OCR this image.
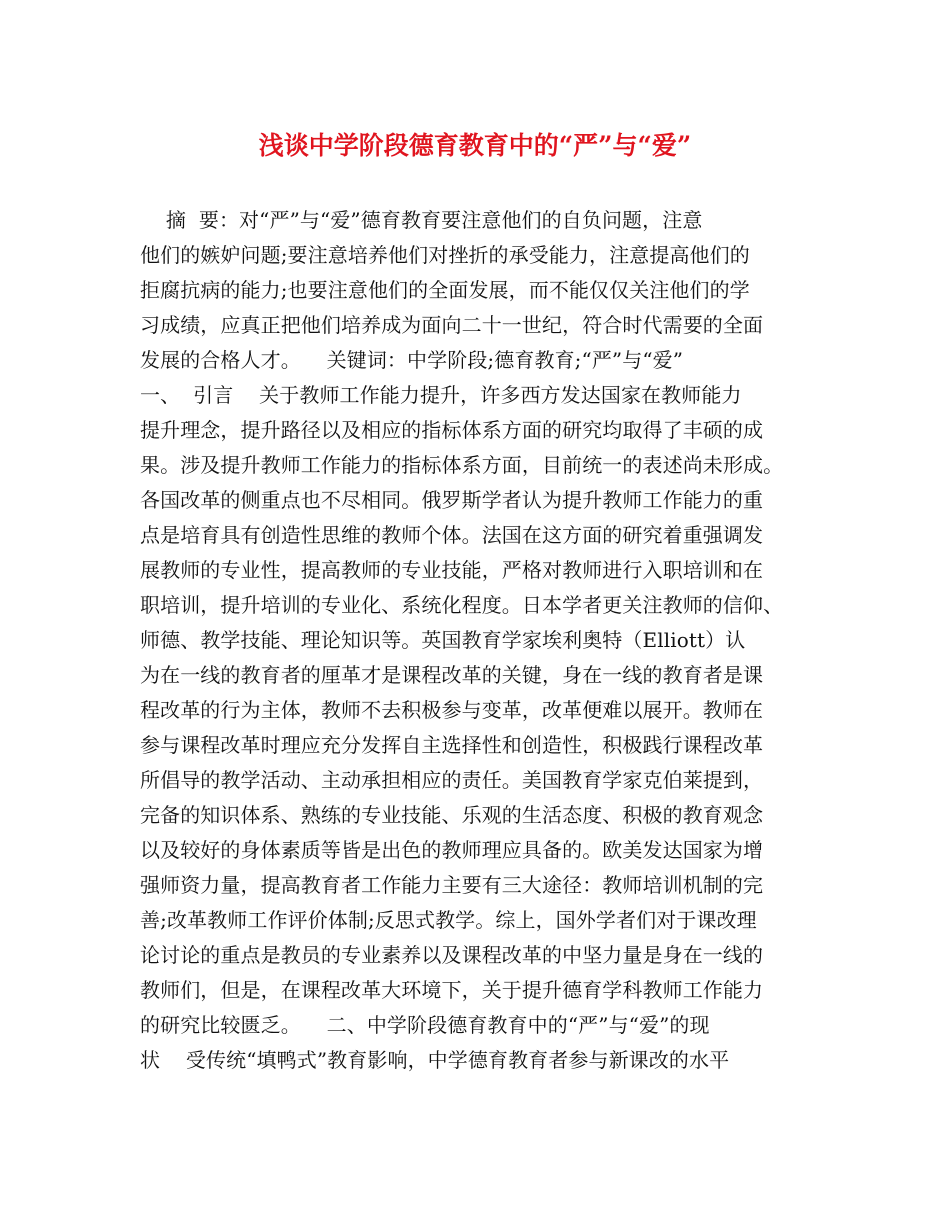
浅谈中学阶段德育教育中的“严”与“爱”
摘  要：对“严”与“爱”德育教育要注意他们的自负问题，注意
他们的嫉妒问题;要注意培养他们对挫折的承受能力，注意提高他们的
拒腐抗病的能力;也要注意他们的全面发展，而不能仅仅关注他们的学
习成绩，应真正把他们培养成为面向二十一世纪，符合时代需要的全面
发展的合格人才。    关键词：中学阶段;德育教育;“严”与“爱”
一、  引言    关于教师工作能力提升，许多西方发达国家在教师能力
提升理念，提升路径以及相应的指标体系方面的研究均取得了丰硕的成
果。涉及提升教师工作能力的指标体系方面，目前统一的表述尚未形成。
各国改革的侧重点也不尽相同。俄罗斯学者认为提升教师工作能力的重
点是培育具有创造性思维的教师个体。法国在这方面的研究着重强调发
展教师的专业性，提高教师的专业技能，严格对教师进行入职培训和在
职培训，提升培训的专业化、系统化程度。日本学者更关注教师的信仰、
师德、教学技能、理论知识等。英国教育学家埃利奥特（Elliott）认
为在一线的教育者的厘革才是课程改革的关键，身在一线的教育者是课
程改革的行为主体，教师不去积极参与变革，改革便难以展开。教师在
参与课程改革时理应充分发挥自主选择性和创造性，积极践行课程改革
所倡导的教学活动、主动承担相应的责任。美国教育学家克伯莱提到，
完备的知识体系、熟练的专业技能、乐观的生活态度、积极的教育观念
以及较好的身体素质等皆是出色的教师理应具备的。欧美发达国家为增
强师资力量，提高教育者工作能力主要有三大途径：教师培训机制的完
善;改革教师工作评价体制;反思式教学。综上，国外学者们对于课改理
论讨论的重点是教员的专业素养以及课程改革的中坚力量是身在一线的
教师们，但是，在课程改革大环境下，关于提升德育学科教师工作能力
的研究比较匮乏。    二、中学阶段德育教育中的“严”与“爱”的现
状    受传统“填鸭式”教育影响，中学德育教育者参与新课改的水平
